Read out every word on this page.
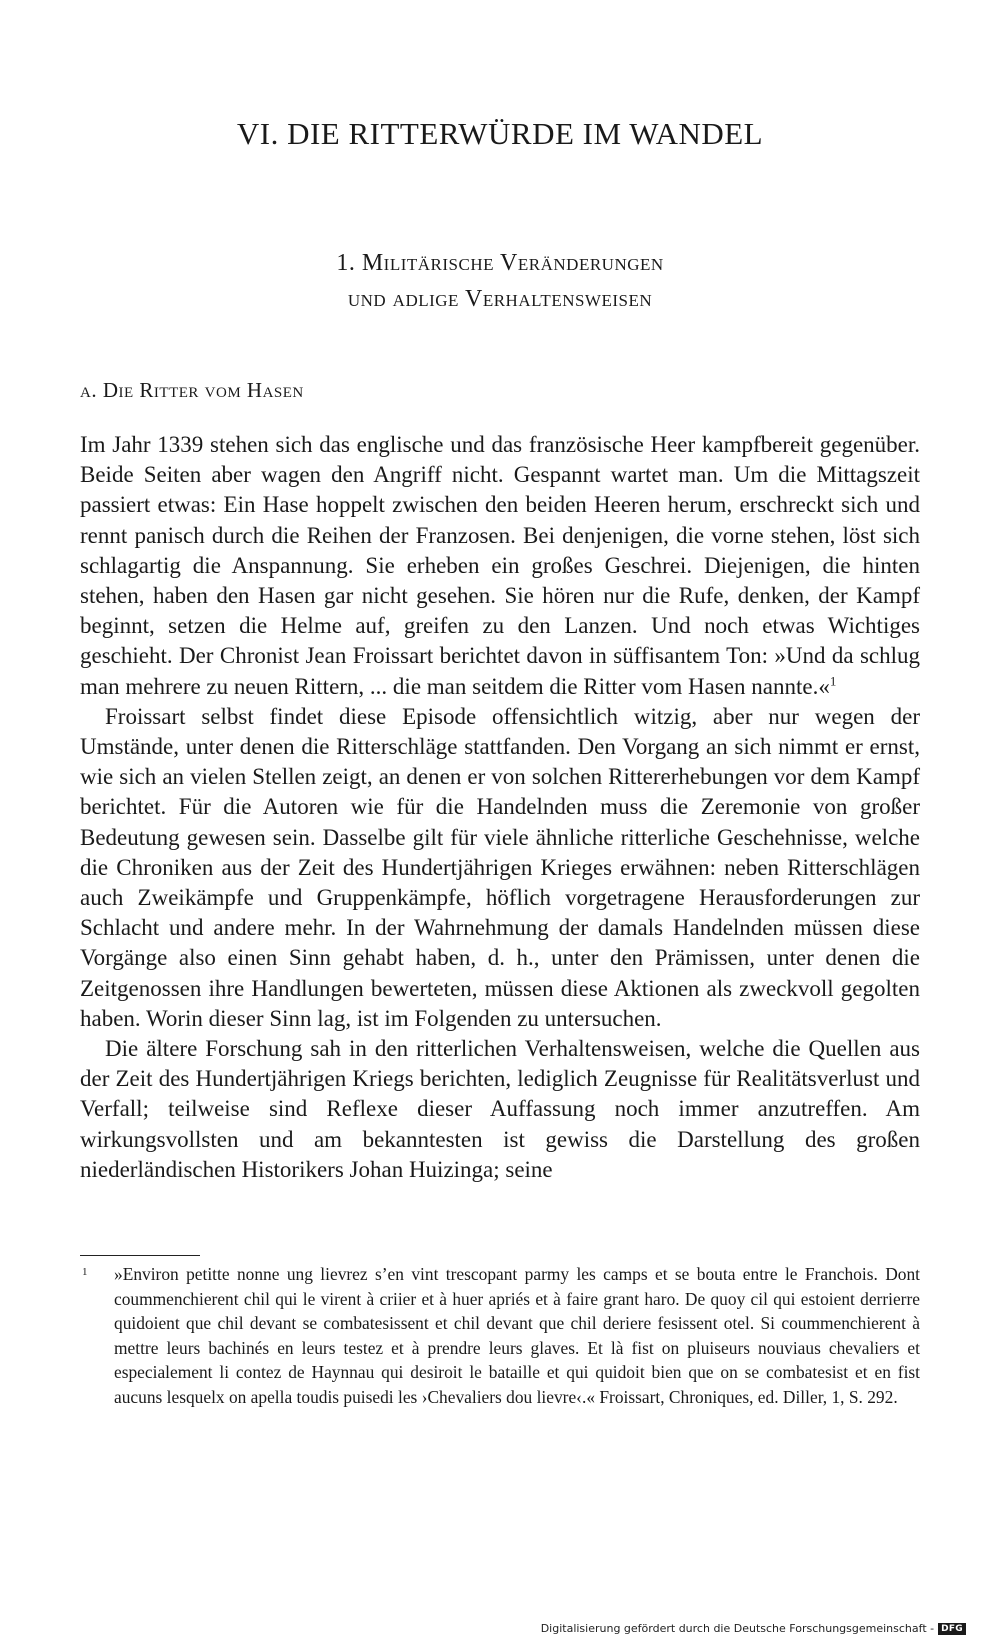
VI. DIE RITTERWÜRDE IM WANDEL
1. Militärische Veränderungen
und adlige Verhaltensweisen
a. Die Ritter vom Hasen

Im Jahr 1339 stehen sich das englische und das französische Heer kampfbereit gegenüber. Beide Seiten aber wagen den Angriff nicht. Gespannt wartet man. Um die Mittagszeit passiert etwas: Ein Hase hoppelt zwischen den beiden Heeren herum, erschreckt sich und rennt panisch durch die Reihen der Franzosen. Bei denjenigen, die vorne stehen, löst sich schlagartig die Anspannung. Sie erheben ein großes Geschrei. Diejenigen, die hinten stehen, haben den Hasen gar nicht gesehen. Sie hören nur die Rufe, denken, der Kampf beginnt, setzen die Helme auf, greifen zu den Lanzen. Und noch etwas Wichtiges geschieht. Der Chronist Jean Froissart berichtet davon in süffisantem Ton: »Und da schlug man mehrere zu neuen Rittern, ... die man seitdem die Ritter vom Hasen nannte.«$^1$

Froissart selbst findet diese Episode offensichtlich witzig, aber nur wegen der Umstände, unter denen die Ritterschläge stattfanden. Den Vorgang an sich nimmt er ernst, wie sich an vielen Stellen zeigt, an denen er von solchen Rittererhebungen vor dem Kampf berichtet. Für die Autoren wie für die Handelnden muss die Zeremonie von großer Bedeutung gewesen sein. Dasselbe gilt für viele ähnliche ritterliche Geschehnisse, welche die Chroniken aus der Zeit des Hundertjährigen Krieges erwähnen: neben Ritterschlägen auch Zweikämpfe und Gruppenkämpfe, höflich vorgetragene Herausforderungen zur Schlacht und andere mehr. In der Wahrnehmung der damals Handelnden müssen diese Vorgänge also einen Sinn gehabt haben, d. h., unter den Prämissen, unter denen die Zeitgenossen ihre Handlungen bewerteten, müssen diese Aktionen als zweckvoll gegolten haben. Worin dieser Sinn lag, ist im Folgenden zu untersuchen.

Die ältere Forschung sah in den ritterlichen Verhaltensweisen, welche die Quellen aus der Zeit des Hundertjährigen Kriegs berichten, lediglich Zeugnisse für Realitätsverlust und Verfall; teilweise sind Reflexe dieser Auffassung noch immer anzutreffen. Am wirkungsvollsten und am bekanntesten ist gewiss die Darstellung des großen niederländischen Historikers Johan Huizinga; seine

1 »Environ petitte nonne ung lievrez s’en vint trescopant parmy les camps et se bouta entre le Franchois. Dont coummenchierent chil qui le virent à criier et à huer apriés et à faire grant haro. De quoy cil qui estoient derrierre quidoient que chil devant se combatesissent et chil devant que chil deriere fesissent otel. Si coummenchierent à mettre leurs bachinés en leurs testez et à prendre leurs glaves. Et là fist on pluiseurs nouviaus chevaliers et especialement li contez de Haynnau qui desiroit le bataille et qui quidoit bien que on se combatesist et en fist aucuns lesquelx on apella toudis puisedi les ›Chevaliers dou lievre‹.« Froissart, Chroniques, ed. Diller, 1, S. 292.
Digitalisierung gefördert durch die Deutsche Forschungsgemeinschaft - DFG
